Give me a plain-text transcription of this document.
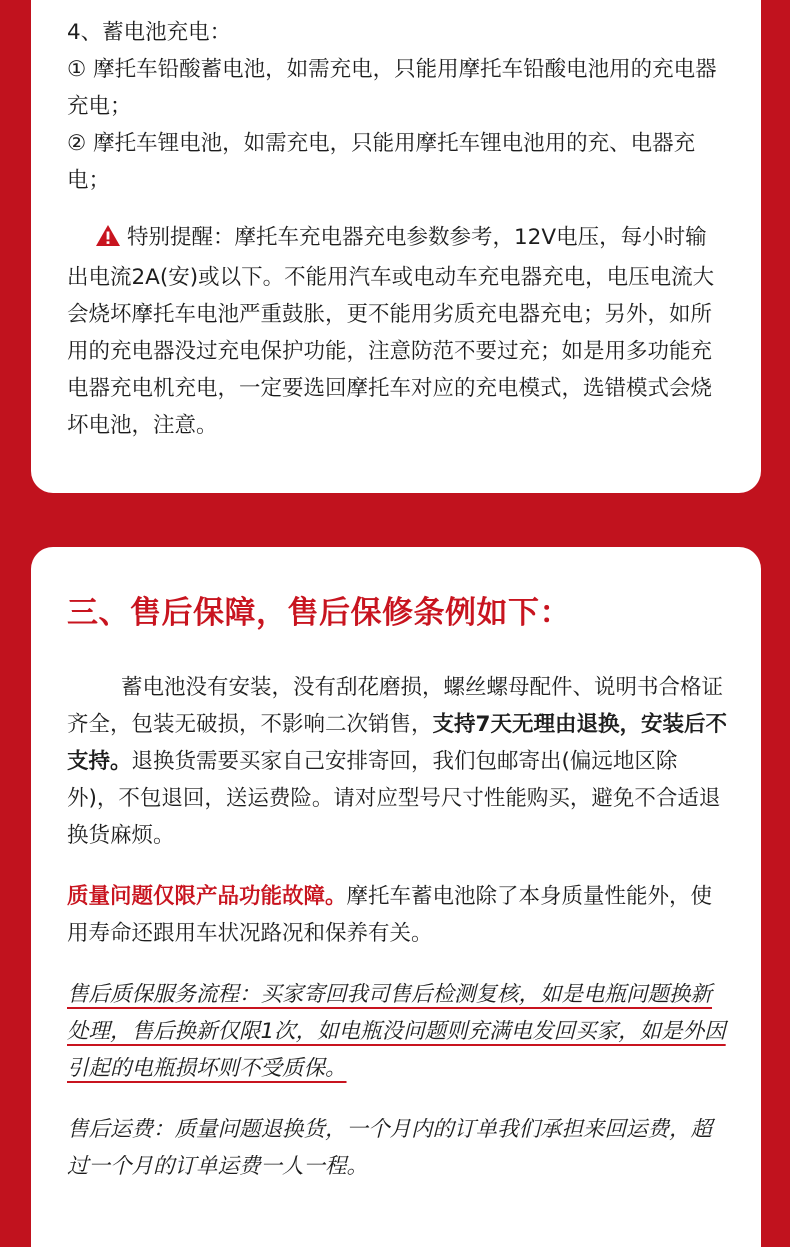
4、蓄电池充电：

① 摩托车铅酸蓄电池，如需充电，只能用摩托车铅酸电池用的充电器充电；

② 摩托车锂电池，如需充电，只能用摩托车锂电池用的充、电器充电；

特别提醒：摩托车充电器充电参数参考，12V电压，每小时输出电流2A(安)或以下。不能用汽车或电动车充电器充电，电压电流大会烧坏摩托车电池严重鼓胀，更不能用劣质充电器充电；另外，如所用的充电器没过充电保护功能，注意防范不要过充；如是用多功能充电器充电机充电，一定要选回摩托车对应的充电模式，选错模式会烧坏电池，注意。

三、售后保障，售后保修条例如下：

蓄电池没有安装，没有刮花磨损，螺丝螺母配件、说明书合格证齐全，包装无破损，不影响二次销售，支持7天无理由退换，安装后不支持。退换货需要买家自己安排寄回，我们包邮寄出(偏远地区除外)，不包退回，送运费险。请对应型号尺寸性能购买，避免不合适退换货麻烦。

质量问题仅限产品功能故障。摩托车蓄电池除了本身质量性能外，使用寿命还跟用车状况路况和保养有关。

售后质保服务流程：买家寄回我司售后检测复核，如是电瓶问题换新处理，售后换新仅限1次，如电瓶没问题则充满电发回买家，如是外因引起的电瓶损坏则不受质保。

售后运费：质量问题退换货，一个月内的订单我们承担来回运费，超过一个月的订单运费一人一程。
